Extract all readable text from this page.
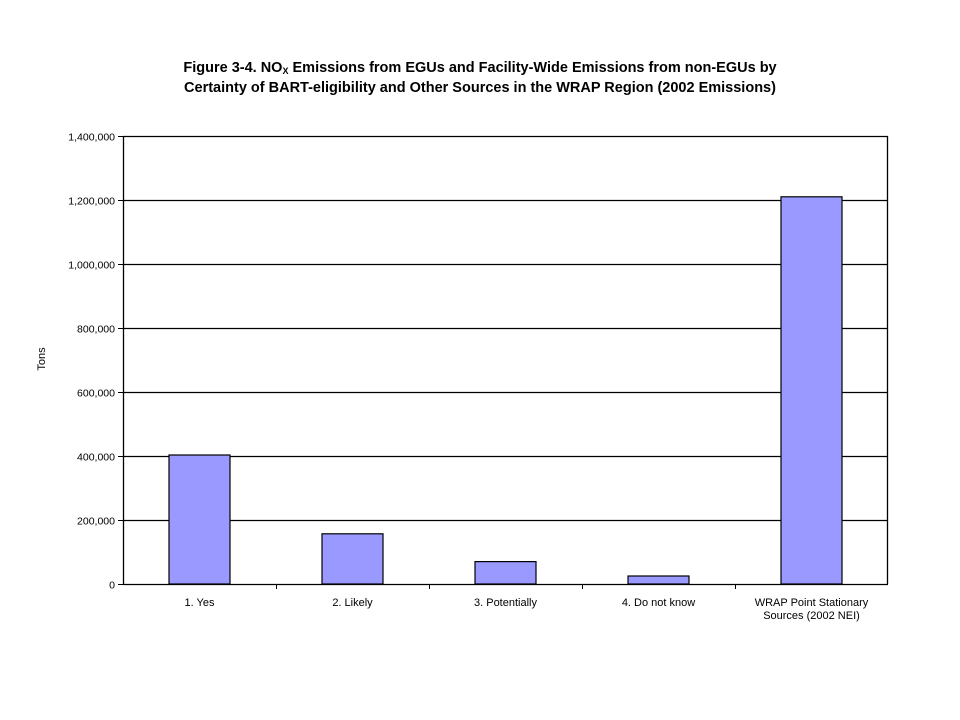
Figure 3-4. $NO_X$ Emissions from EGUs and Facility-Wide Emissions from non-EGUs by
Certainty of BART-eligibility and Other Sources in the WRAP Region (2002 Emissions)
0
200,000
400,000
600,000
800,000
1,000,000
1,200,000
1,400,000
1. Yes	2. Likely	3. Potentially	4. Do not know	WRAP Point Stationary
Sources (2002 NEI)
Tons
